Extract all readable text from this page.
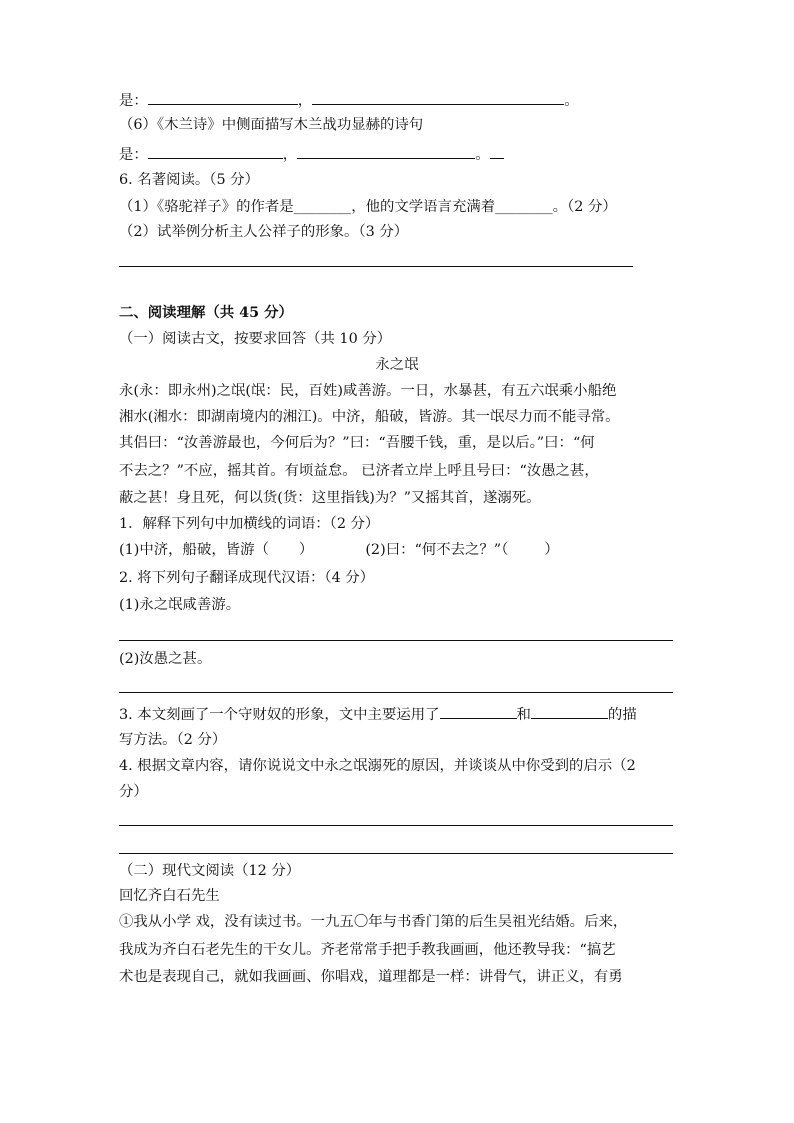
是：	，	。
（6）《木兰诗》中侧面描写木兰战功显赫的诗句
是：	，	。
6. 名著阅读。（5 分）
（1）《骆驼祥子》的作者是________，他的文学语言充满着________。（2 分）
（2）试举例分析主人公祥子的形象。（3 分）
二、阅读理解（共 45 分）
（一）阅读古文，按要求回答（共 10 分）
永之氓
永(永：即永州)之氓(氓：民，百姓)咸善游。一日，水暴甚，有五六氓乘小船绝
湘水(湘水：即湖南境内的湘江)。中济，船破，皆游。其一氓尽力而不能寻常。
其侣曰：“汝善游最也，今何后为？”曰：“吾腰千钱，重，是以后。”曰：“何
不去之？”不应，摇其首。有顷益怠。 已济者立岸上呼且号曰：“汝愚之甚，
蔽之甚！身且死，何以货(货：这里指钱)为？”又摇其首，遂溺死。
1．解释下列句中加横线的词语：（2 分）
(1)中济，船破，皆游（ ）	(2)曰：“何不去之？”（	）
2. 将下列句子翻译成现代汉语：（4 分）
(1)永之氓咸善游。
(2)汝愚之甚。
3. 本文刻画了一个守财奴的形象，文中主要运用了	和	的描
写方法。（2 分）
4. 根据文章内容，请你说说文中永之氓溺死的原因，并谈谈从中你受到的启示（2
分）
（二）现代文阅读（12 分）
回忆齐白石先生
①我从小学 戏，没有读过书。一九五〇年与书香门第的后生吴祖光结婚。后来，
我成为齐白石老先生的干女儿。齐老常常手把手教我画画，他还教导我：“搞艺
术也是表现自己，就如我画画、你唱戏，道理都是一样：讲骨气，讲正义，有勇
